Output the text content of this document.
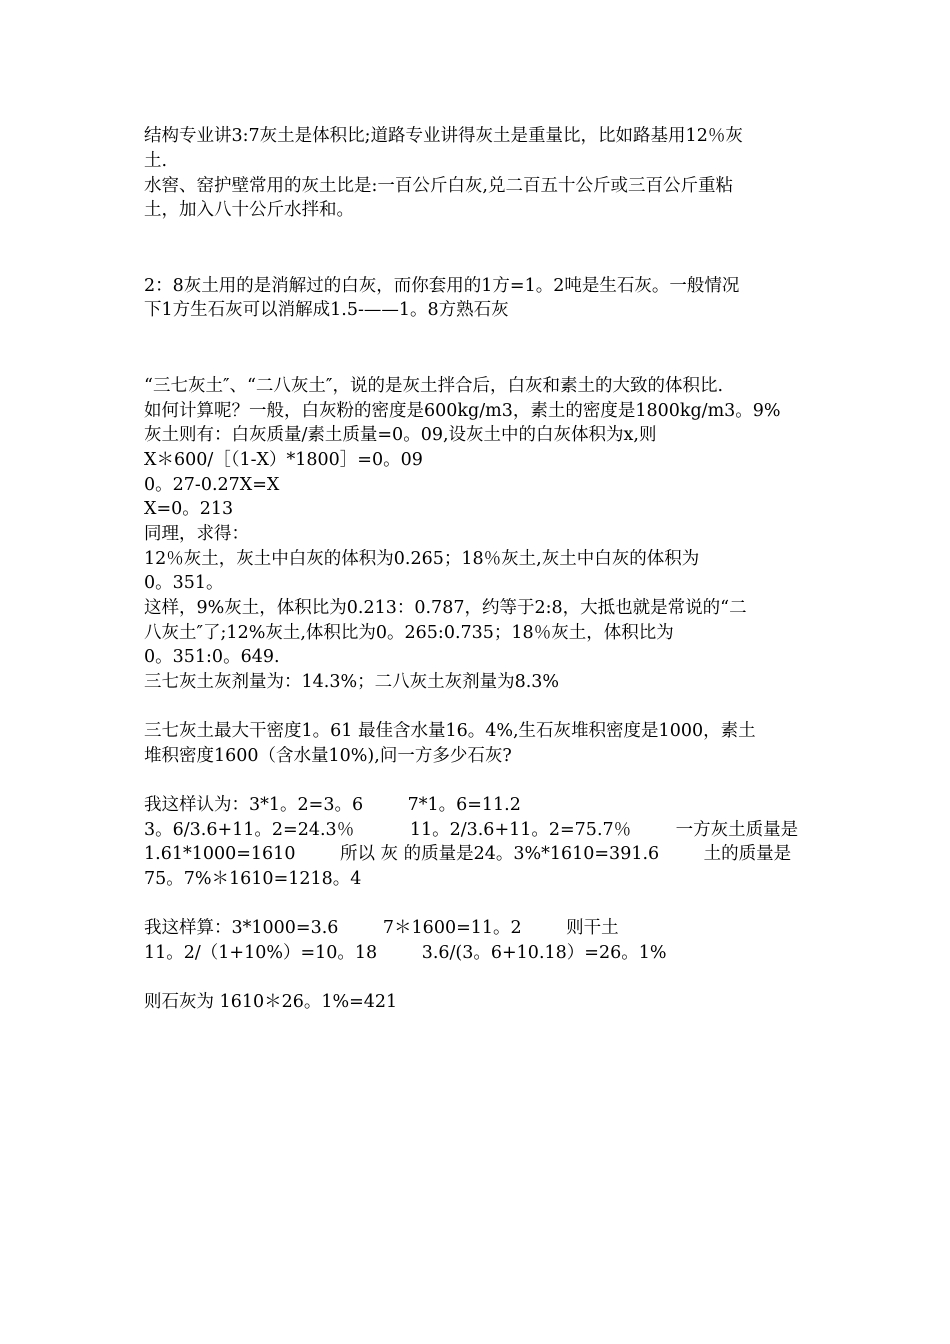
结构专业讲3:7灰土是体积比;道路专业讲得灰土是重量比，比如路基用12％灰
土.
水窖、窑护壁常用的灰土比是:一百公斤白灰,兑二百五十公斤或三百公斤重粘
土，加入八十公斤水拌和。
2：8灰土用的是消解过的白灰，而你套用的1方=1。2吨是生石灰。一般情况
下1方生石灰可以消解成1.5-——1。8方熟石灰
“三七灰土″、“二八灰土″，说的是灰土拌合后，白灰和素土的大致的体积比.
如何计算呢？一般，白灰粉的密度是600kg/m3，素土的密度是1800kg/m3。9%
灰土则有：白灰质量/素土质量=0。09,设灰土中的白灰体积为x,则
X＊600/［（1-X）*1800］=0。09
0。27-0.27X=X
X=0。213
同理，求得：
12％灰土，灰土中白灰的体积为0.265；18％灰土,灰土中白灰的体积为
0。351。
这样，9%灰土，体积比为0.213：0.787，约等于2:8，大抵也就是常说的“二
八灰土″了;12%灰土,体积比为0。265:0.735；18％灰土，体积比为
0。351:0。649.
三七灰土灰剂量为：14.3%；二八灰土灰剂量为8.3%
三七灰土最大干密度1。61 最佳含水量16。4%,生石灰堆积密度是1000，素土
堆积密度1600（含水量10%),问一方多少石灰?
我这样认为：3*1。2=3。6        7*1。6=11.2
3。6/3.6+11。2=24.3％          11。2/3.6+11。2=75.7％        一方灰土质量是
1.61*1000=1610        所以 灰 的质量是24。3%*1610=391.6        土的质量是
75。7%＊1610=1218。4
我这样算：3*1000=3.6        7＊1600=11。2        则干土
11。2/（1+10%）=10。18        3.6/(3。6+10.18）=26。1%
则石灰为 1610＊26。1%=421
